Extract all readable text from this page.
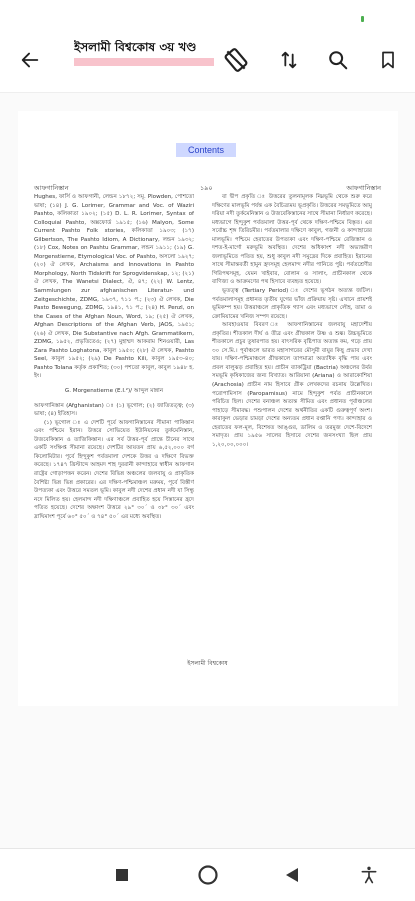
ইসলামী বিশ্বকোষ ৩য় খণ্ড
Contents
আফগানিস্তান	১৯০	আফগানিস্তান

Hughes, ফার্সি ও আফগানী, লেন্ডন ১৮৭২; সমূ. Plowden, পোশতো ভাষা; (১৪) J. G. Lorimer, Grammar and Voc. of Waziri Pashto, কলিকাতা ১৯০২; (১৫) D. L. R. Lorimer, Syntax of Colloquial Pashto, অক্সফোর্ড ১৯১৫; (১৬) Malyon, Some Current Pashto Folk stories, কলিকাতা ১৯০৩; (১৭) Gilbertson, The Pashto Idiom, A Dictionary, লন্ডন ১৯৩২; (১৮) Cox, Notes on Pashtu Grammar, লন্ডন ১৯১১; (১৯) G. Morgenstierne, Etymological Voc. of Pashto, অসলো ১৯২৭; (২০) ঐ লেখক, Archaisms and Innovations in Pashto Morphology, North Tidskrift for Sprogvidenskap, ১২; (২১) ঐ লেখক, The Wanetsi Dialect, ঐ, ৪৭; (২২) W. Lentz, Sammlungen zur afghanischen Literatur- und Zeitgeschichte, ZDMG, ১৯৩৭, ৭১১ প.; (২৩) ঐ লেখক, Die Pasto Bewegung, ZDMG, ১৯৪১, ৭১ প.; (২৪) H. Penzl, on the Cases of the Afghan Noun, Word, ১৯; (২৫) ঐ লেখক, Afghan Descriptions of the Afghan Verb, JAOS, ১৯৫১; (২৬) ঐ লেখক, Die Substantive nach Afgh. Grammatikern, ZDMG, ১৯৫২, প্রভৃতিতেও; (২৭) মুহাম্মদ আকরাম শিনওয়ারী, Las Zara Pashto Loghatona, কাবুল ১৯৫০; (২৮) ঐ লেখক, Pashto Seel, কাবুল ১৯৫২; (২৯) De Pashto Kili, কাবুল ১৯৫৩-৪০; Pashto Tolana কর্তৃক প্রকাশিত; (৩০) পশতো কাবুল, কাবুল ১৯৪৮ হ. ইং।

G. Morgenstierne (E.I.²)/ আব্দুল মান্নান

আফগানিস্তান (Afghanistan) ঃ (১) ভূগোল; (২) জাতিতত্ত্ব; (৩) ভাষা; (৪) ইতিহাস।

(১) ভূগোল ঃ এ দেশটি পূর্বে আফগানিস্তানের সীমানা পাকিস্তান এবং পশ্চিমে ইরান। উত্তরে সোভিয়েত ইউনিয়নের তুর্কমেনিস্তান, উজবেকিস্তান ও তাজিকিস্তান। এর সর্ব উত্তর-পূর্ব প্রান্তে চীনের সাথে একটি সংক্ষিপ্ত সীমানা রয়েছে। দেশটির আয়তন প্রায় ৬,৫২,০০০ বর্গ কিলোমিটার। পূর্বে হিন্দুকুশ পর্বতমালা দেশকে উত্তর ও দক্ষিণে বিভক্ত করেছে। ১৭৪৭ খ্রিস্টাব্দে আহমদ শাহ দুররানী কান্দাহারে স্বাধীন আফগান রাষ্ট্রের গোড়াপত্তন করেন। দেশের বিভিন্ন অঞ্চলের জলবায়ু ও প্রাকৃতিক বৈশিষ্ট্য ভিন্ন ভিন্ন প্রকারের। এর দক্ষিণ-পশ্চিমাঞ্চল মরুময়, পূর্বে বিস্তীর্ণ উপত্যকা এবং উত্তরে সমতল ভূমি। কাবুল নদী দেশের প্রধান নদী যা সিন্ধু নদে মিলিত হয়। হেলমান্দ নদী দক্ষিণাঞ্চলে প্রবাহিত হয়ে সিস্তানের হ্রদে পতিত হয়েছে। দেশের অক্ষাংশ উত্তরে ২৯° ৩০´ ও ৩৮° ৩০´ এবং দ্রাঘিমাংশ পূর্বে ৬০° ৫০´ ও ৭৪° ৫০´ এর মধ্যে অবস্থিত।

বা দ্বীপ প্রকৃতি ঃ উত্তরের তুলনামূলক নিম্নভূমি থেকে শুরু করে দক্ষিণের মালভূমি পর্যন্ত এক বৈচিত্র্যময় ভূপ্রকৃতি। উত্তরের সমভূমিতে আমু দরিয়া নদী তুর্কমেনিস্তান ও উজবেকিস্তানের সাথে সীমানা নির্ধারণ করেছে। মধ্যভাগে হিন্দুকুশ পর্বতমালা উত্তর-পূর্ব থেকে দক্ষিণ-পশ্চিমে বিস্তৃত। এর সর্বোচ্চ শৃঙ্গ তিরিচমীর। পর্বতমালার দক্ষিণে কাবুল, গজনী ও কান্দাহারের মালভূমি। পশ্চিমে হেরাতের উপত্যকা এবং দক্ষিণ-পশ্চিমে রেজিস্তান ও দশত-ই-মার্গো মরুভূমি অবস্থিত। দেশের অধিকাংশ নদী অভ্যন্তরীণ জলাভূমিতে পতিত হয়, শুধু কাবুল নদী সমুদ্রের দিকে প্রবাহিত। ইরানের সাথে সীমান্তবর্তী হামুন হ্রদসমূহ হেলমান্দ নদীর পানিতে পুষ্ট। পর্বতশ্রেণীর গিরিপথসমূহ, যেমন খাইবার, বোলান ও সালাং, প্রাচীনকাল থেকে বাণিজ্য ও আক্রমণের পথ হিসাবে ব্যবহৃত হয়েছে।

ভূতত্ত্ব (Tertiary Period) ঃ দেশের ভূগঠন অত্যন্ত জটিল। পর্বতমালাসমূহ প্রধানত তৃতীয় যুগের ভাঁজ প্রক্রিয়ায় সৃষ্ট। এখানে প্রায়শই ভূমিকম্প হয়। উত্তরাঞ্চলে প্রাকৃতিক গ্যাস এবং মধ্যভাগে লৌহ, তামা ও ক্রোমিয়ামের খনিজ সম্পদ রয়েছে।

আবহাওয়ার বিবরণ ঃ আফগানিস্তানের জলবায়ু মহাদেশীয় প্রকৃতির। শীতকাল দীর্ঘ ও তীব্র এবং গ্রীষ্মকাল উষ্ণ ও শুষ্ক। উচ্চভূমিতে শীতকালে প্রচুর তুষারপাত হয়। বাৎসরিক বৃষ্টিপাত অত্যন্ত কম, গড়ে প্রায় ৩০ সে.মি.। পূর্বাঞ্চলে ভারত মহাসাগরের মৌসুমী বায়ুর কিছু প্রভাব দেখা যায়। দক্ষিণ-পশ্চিমাঞ্চলে গ্রীষ্মকালে তাপমাত্রা অত্যধিক বৃদ্ধি পায় এবং প্রবল বালুঝড় প্রবাহিত হয়। প্রাচীন ব্যাকট্রিয়া (Bactria) অঞ্চলের উর্বর সমভূমি কৃষিকাজের জন্য বিখ্যাত। আরিয়ানা (Ariana) ও আরাকোশিয়া (Arachosia) প্রাচীন নাম হিসাবে গ্রীক লেখকদের রচনায় উল্লেখিত। পরোপামিসাস (Paropamisus) নামে হিন্দুকুশ পর্বত প্রাচীনকালে পরিচিত ছিল। দেশের বনাঞ্চল অত্যন্ত সীমিত এবং প্রধানত পূর্বাঞ্চলের পাহাড়ে সীমাবদ্ধ। পশুপালন দেশের অর্থনীতির একটি গুরুত্বপূর্ণ অংশ। কারাকুল ভেড়ার চামড়া দেশের অন্যতম প্রধান রপ্তানি পণ্য। কান্দাহার ও হেরাতের ফল-মূল, বিশেষত আঙ্গুর, ডালিম ও তরমুজ দেশে-বিদেশে সমাদৃত। প্রায় ১৯৫৬ সালের হিসাবে দেশের জনসংখ্যা ছিল প্রায় ১,২০,০০,০০০।

ইসলামী বিশ্বকোষ
